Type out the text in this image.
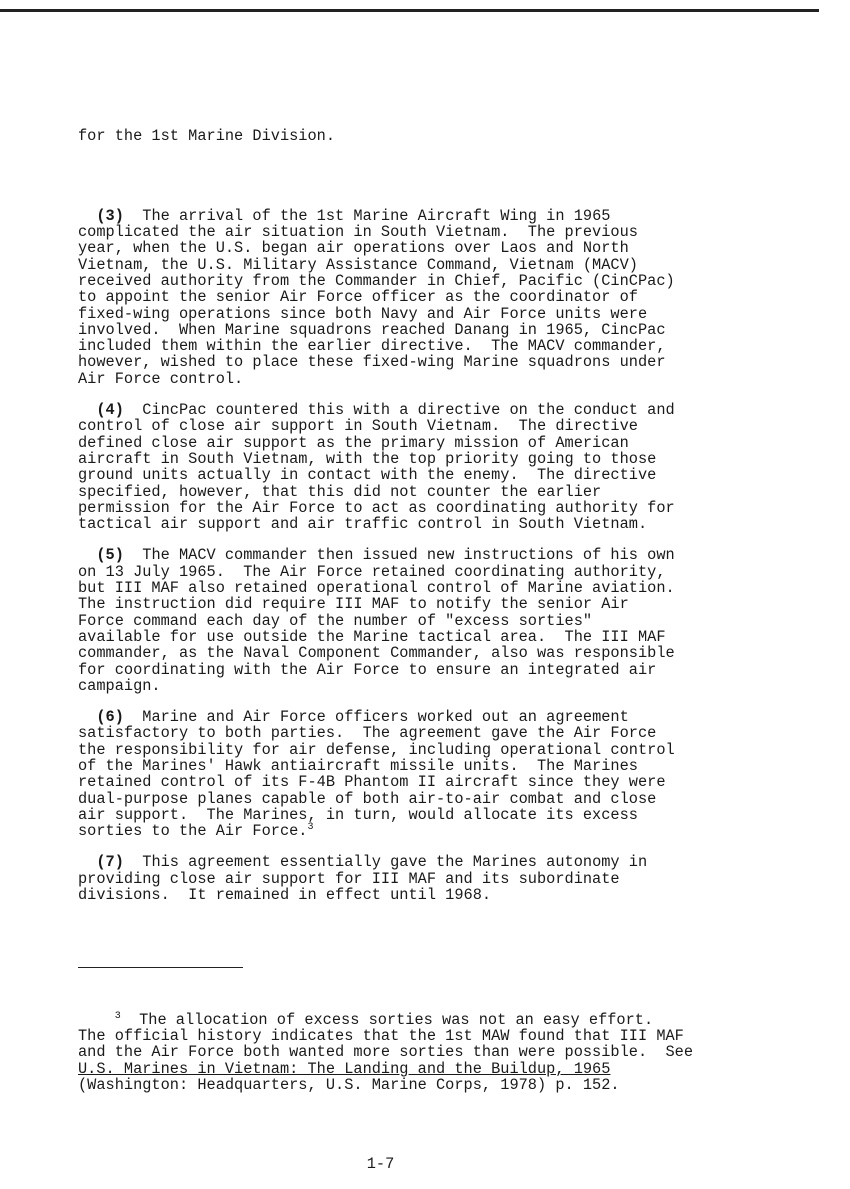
for the 1st Marine Division.

(3)  The arrival of the 1st Marine Aircraft Wing in 1965
complicated the air situation in South Vietnam.  The previous
year, when the U.S. began air operations over Laos and North
Vietnam, the U.S. Military Assistance Command, Vietnam (MACV)
received authority from the Commander in Chief, Pacific (CinCPac)
to appoint the senior Air Force officer as the coordinator of
fixed-wing operations since both Navy and Air Force units were
involved.  When Marine squadrons reached Danang in 1965, CincPac
included them within the earlier directive.  The MACV commander,
however, wished to place these fixed-wing Marine squadrons under
Air Force control.
(4)  CincPac countered this with a directive on the conduct and
control of close air support in South Vietnam.  The directive
defined close air support as the primary mission of American
aircraft in South Vietnam, with the top priority going to those
ground units actually in contact with the enemy.  The directive
specified, however, that this did not counter the earlier
permission for the Air Force to act as coordinating authority for
tactical air support and air traffic control in South Vietnam.
(5)  The MACV commander then issued new instructions of his own
on 13 July 1965.  The Air Force retained coordinating authority,
but III MAF also retained operational control of Marine aviation.
The instruction did require III MAF to notify the senior Air
Force command each day of the number of "excess sorties"
available for use outside the Marine tactical area.  The III MAF
commander, as the Naval Component Commander, also was responsible
for coordinating with the Air Force to ensure an integrated air
campaign.
(6)  Marine and Air Force officers worked out an agreement
satisfactory to both parties.  The agreement gave the Air Force
the responsibility for air defense, including operational control
of the Marines' Hawk antiaircraft missile units.  The Marines
retained control of its F-4B Phantom II aircraft since they were
dual-purpose planes capable of both air-to-air combat and close
air support.  The Marines, in turn, would allocate its excess
sorties to the Air Force.$^3$
(7)  This agreement essentially gave the Marines autonomy in
providing close air support for III MAF and its subordinate
divisions.  It remained in effect until 1968.

$^3$  The allocation of excess sorties was not an easy effort.
The official history indicates that the 1st MAW found that III MAF
and the Air Force both wanted more sorties than were possible.  See
U.S. Marines in Vietnam: The Landing and the Buildup, 1965
(Washington: Headquarters, U.S. Marine Corps, 1978) p. 152.

1-7
